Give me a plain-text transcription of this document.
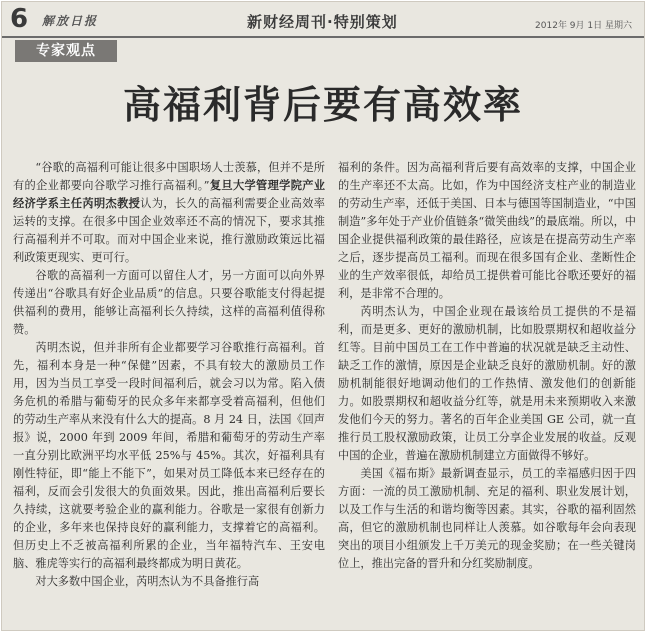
6 解放日报	新财经周刊·特别策划	2012年 9月 1日 星期六
专家观点
高福利背后要有高效率

“谷歌的高福利可能让很多中国职场人士羡慕，但并不是所有的企业都要向谷歌学习推行高福利。”复旦大学管理学院产业经济学系主任芮明杰教授认为，长久的高福利需要企业高效率运转的支撑。在很多中国企业效率还不高的情况下，要求其推行高福利并不可取。而对中国企业来说，推行激励政策远比福利政策更现实、更可行。

谷歌的高福利一方面可以留住人才，另一方面可以向外界传递出“谷歌具有好企业品质”的信息。只要谷歌能支付得起提供福利的费用，能够让高福利长久持续，这样的高福利值得称赞。

芮明杰说，但并非所有企业都要学习谷歌推行高福利。首先，福利本身是一种“保健”因素，不具有较大的激励员工作用，因为当员工享受一段时间福利后，就会习以为常。陷入债务危机的希腊与葡萄牙的民众多年来都享受着高福利，但他们的劳动生产率从来没有什么大的提高。8 月 24 日，法国《回声报》说，2000 年到 2009 年间，希腊和葡萄牙的劳动生产率一直分别比欧洲平均水平低 25%与 45%。其次，好福利具有刚性特征，即“能上不能下”，如果对员工降低本来已经存在的福利，反而会引发很大的负面效果。因此，推出高福利后要长久持续，这就要考验企业的赢利能力。谷歌是一家很有创新力的企业，多年来也保持良好的赢利能力，支撑着它的高福利。但历史上不乏被高福利所累的企业，当年福特汽车、王安电脑、雅虎等实行的高福利最终都成为明日黄花。

对大多数中国企业，芮明杰认为不具备推行高

福利的条件。因为高福利背后要有高效率的支撑，中国企业的生产率还不太高。比如，作为中国经济支柱产业的制造业的劳动生产率，还低于美国、日本与德国等国制造业，“中国制造”多年处于产业价值链条“微笑曲线”的最底端。所以，中国企业提供福利政策的最佳路径，应该是在提高劳动生产率之后，逐步提高员工福利。而现在很多国有企业、垄断性企业的生产效率很低，却给员工提供着可能比谷歌还要好的福利，是非常不合理的。

芮明杰认为，中国企业现在最该给员工提供的不是福利，而是更多、更好的激励机制，比如股票期权和超收益分红等。目前中国员工在工作中普遍的状况就是缺乏主动性、缺乏工作的激情，原因是企业缺乏良好的激励机制。好的激励机制能很好地调动他们的工作热情、激发他们的创新能力。如股票期权和超收益分红等，就是用未来预期收入来激发他们今天的努力。著名的百年企业美国 GE 公司，就一直推行员工股权激励政策，让员工分享企业发展的收益。反观中国的企业，普遍在激励机制建立方面做得不够好。

美国《福布斯》最新调查显示，员工的幸福感归因于四方面：一流的员工激励机制、充足的福利、职业发展计划，以及工作与生活的和谐均衡等因素。其实，谷歌的福利固然高，但它的激励机制也同样让人羡慕。如谷歌每年会向表现突出的项目小组颁发上千万美元的现金奖励；在一些关键岗位上，推出完备的晋升和分红奖励制度。
